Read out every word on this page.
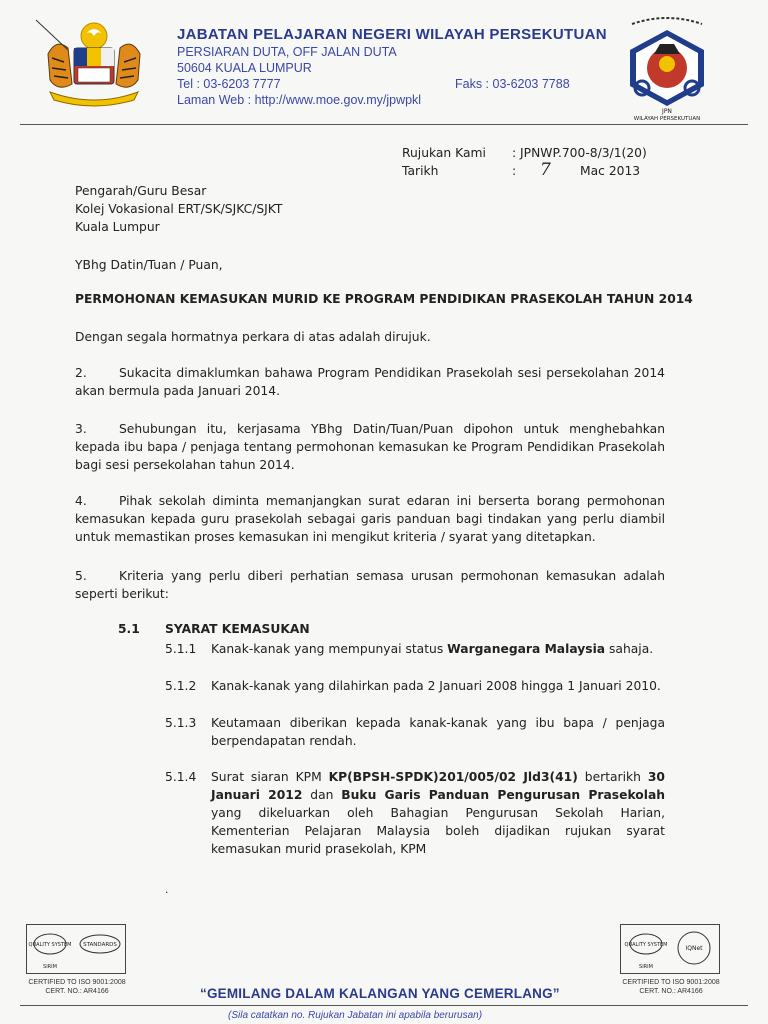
JABATAN PELAJARAN NEGERI WILAYAH PERSEKUTUAN
PERSIARAN DUTA, OFF JALAN DUTA
50604 KUALA LUMPUR
Tel : 03-6203 7777	Faks : 03-6203 7788
Laman Web : http://www.moe.gov.my/jpwpkl
JPN
WILAYAH PERSEKUTUAN
Rujukan Kami : JPNWP.700-8/3/1(20)
Tarikh	: 7 Mac 2013
Pengarah/Guru Besar
Kolej Vokasional ERT/SK/SJKC/SJKT
Kuala Lumpur
YBhg Datin/Tuan / Puan,
PERMOHONAN KEMASUKAN MURID KE PROGRAM PENDIDIKAN PRASEKOLAH TAHUN 2014
Dengan segala hormatnya perkara di atas adalah dirujuk.
2.	Sukacita dimaklumkan bahawa Program Pendidikan Prasekolah sesi persekolahan 2014 akan bermula pada Januari 2014.
3.	Sehubungan itu, kerjasama YBhg Datin/Tuan/Puan dipohon untuk menghebahkan kepada ibu bapa / penjaga tentang permohonan kemasukan ke Program Pendidikan Prasekolah bagi sesi persekolahan tahun 2014.
4.	Pihak sekolah diminta memanjangkan surat edaran ini berserta borang permohonan kemasukan kepada guru prasekolah sebagai garis panduan bagi tindakan yang perlu diambil untuk memastikan proses kemasukan ini mengikut kriteria / syarat yang ditetapkan.
5.	Kriteria yang perlu diberi perhatian semasa urusan permohonan kemasukan adalah seperti berikut:
5.1 SYARAT KEMASUKAN
5.1.1	Kanak-kanak yang mempunyai status Warganegara Malaysia sahaja.
5.1.2	Kanak-kanak yang dilahirkan pada 2 Januari 2008 hingga 1 Januari 2010.
5.1.3	Keutamaan diberikan kepada kanak-kanak yang ibu bapa / penjaga berpendapatan rendah.
5.1.4	Surat siaran KPM KP(BPSH-SPDK)201/005/02 Jld3(41) bertarikh 30 Januari 2012 dan Buku Garis Panduan Pengurusan Prasekolah yang dikeluarkan oleh Bahagian Pengurusan Sekolah Harian, Kementerian Pelajaran Malaysia boleh dijadikan rujukan syarat kemasukan murid prasekolah, KPM
.
QUALITY SYSTEM
SIRIM
STANDARDS
CERTIFIED TO ISO 9001:2008
CERT. NO.: AR4166
QUALITY SYSTEM
SIRIM
IQNet
CERTIFIED TO ISO 9001:2008
CERT. NO.: AR4166
“GEMILANG DALAM KALANGAN YANG CEMERLANG”
(Sila catatkan no. Rujukan Jabatan ini apabila berurusan)
